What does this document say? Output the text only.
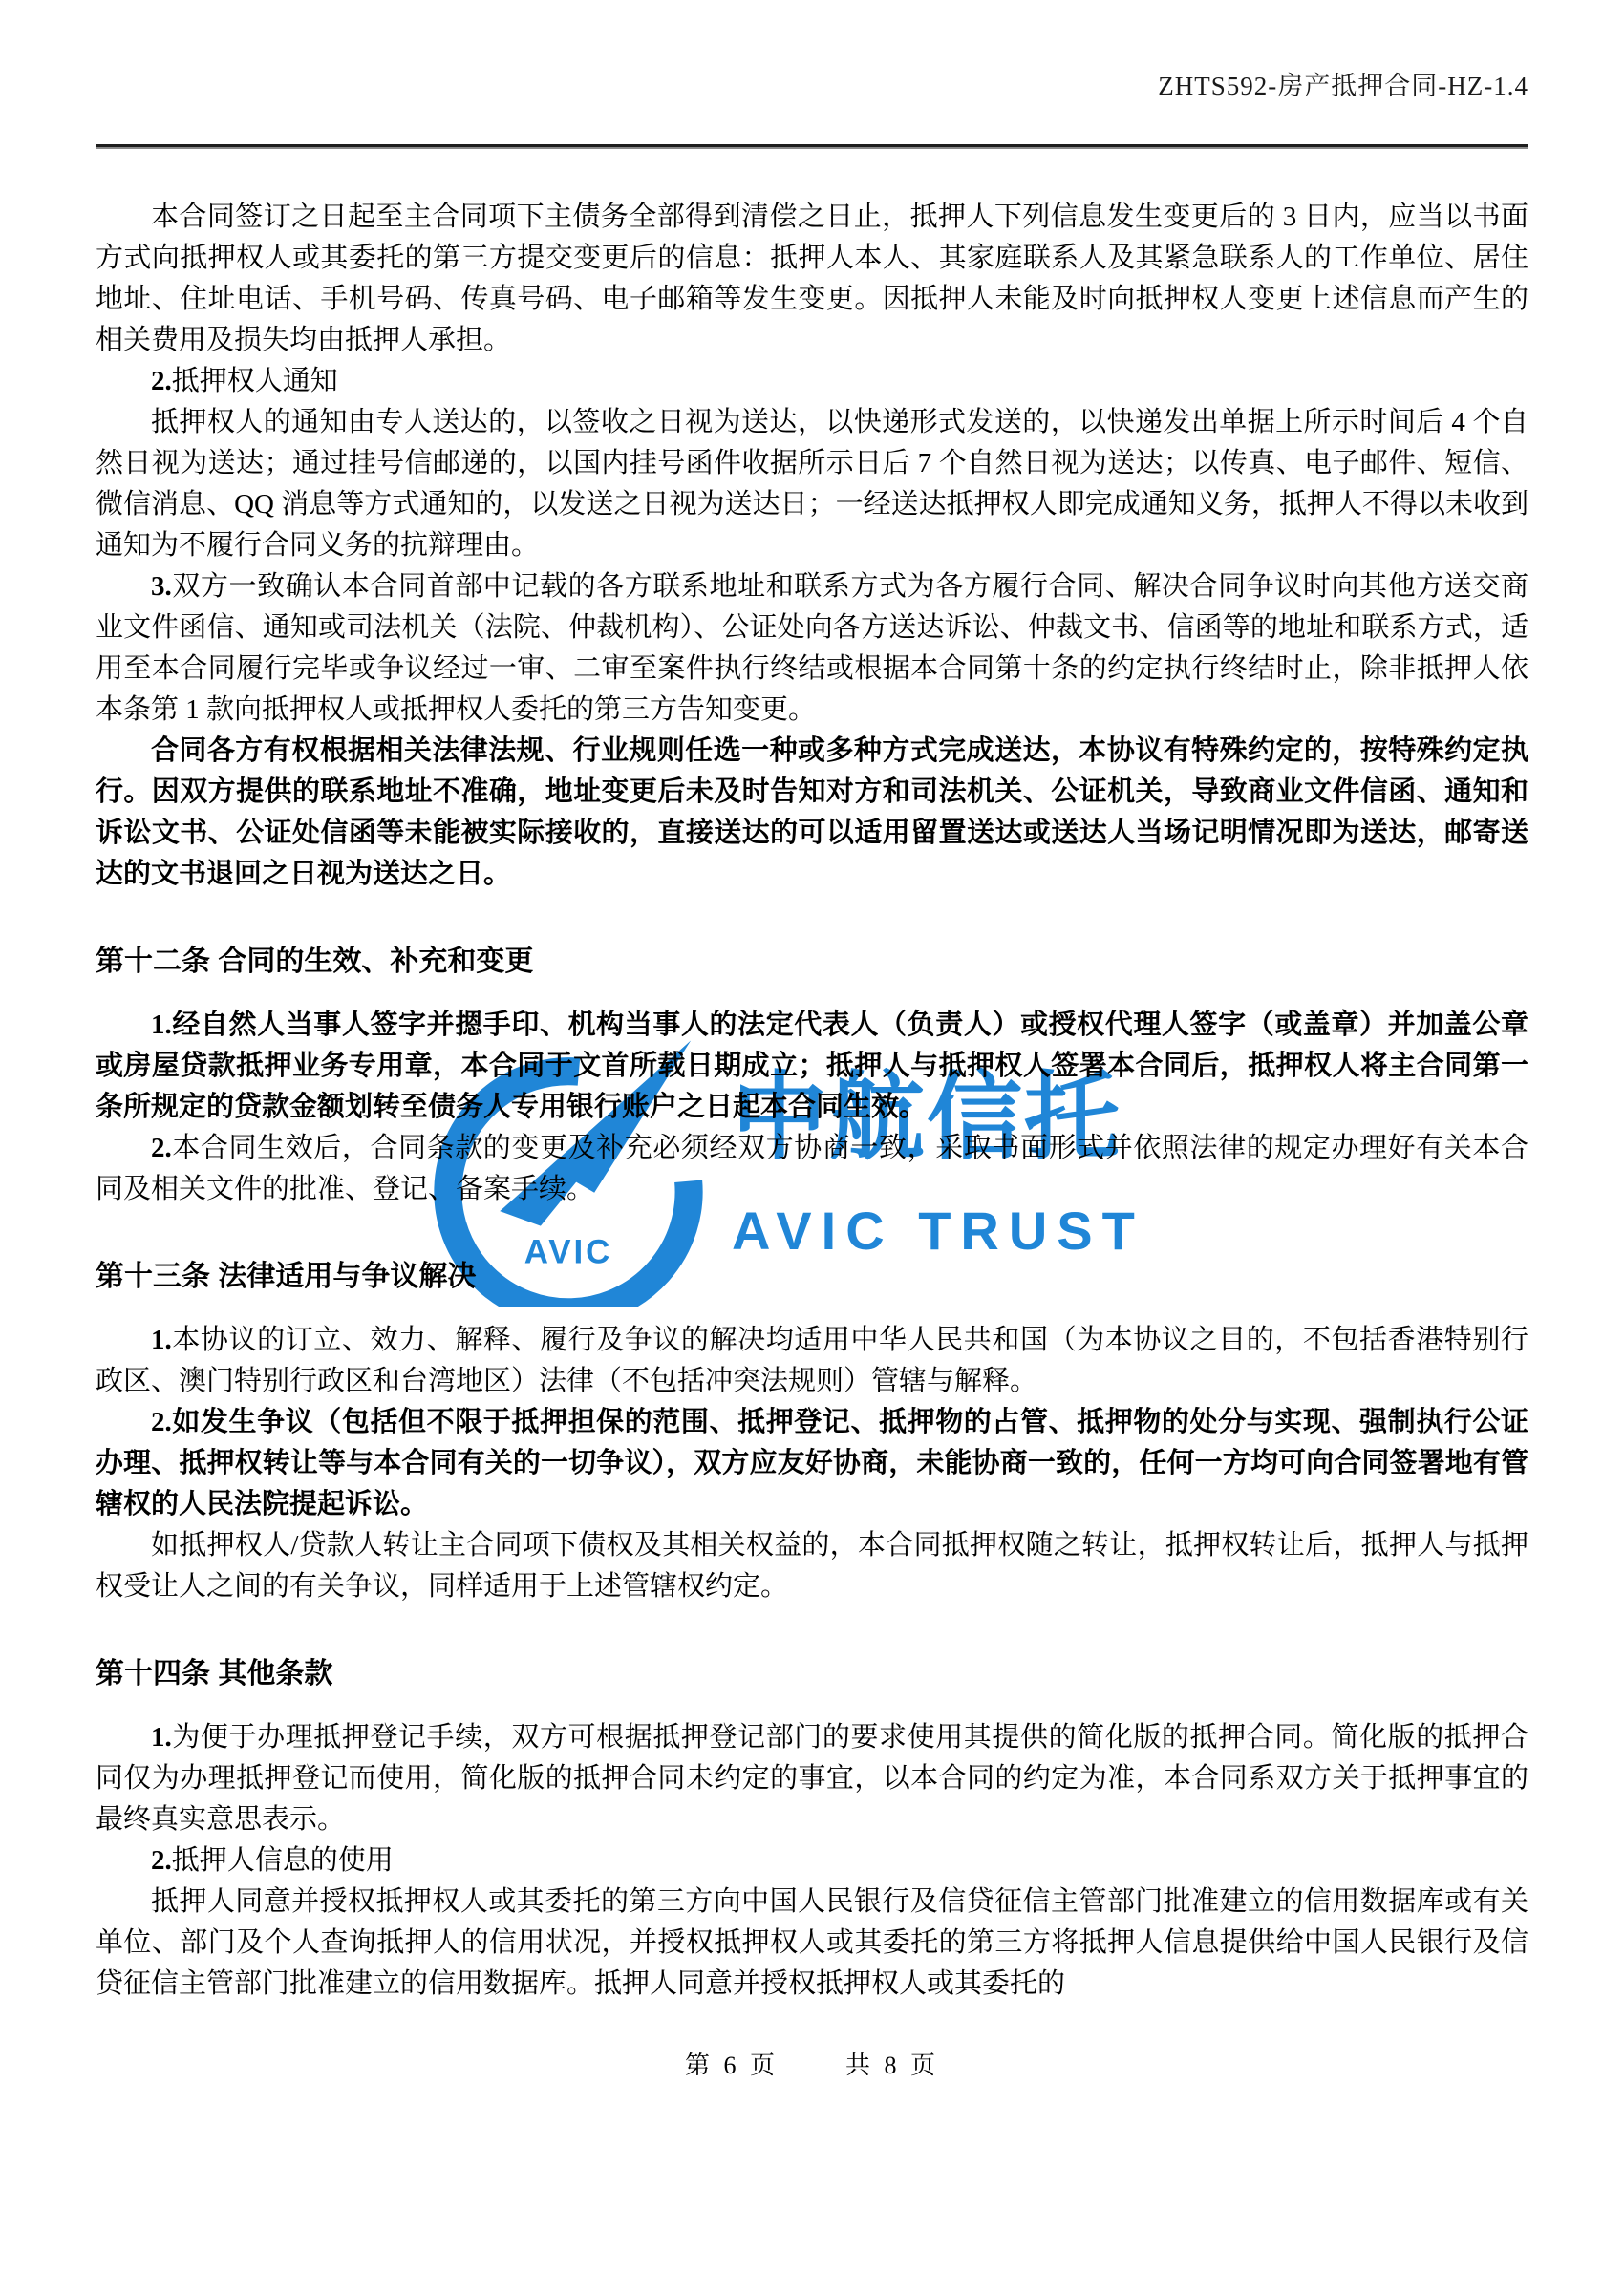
ZHTS592-房产抵押合同-HZ-1.4
AVIC
中航信托
AVIC TRUST

本合同签订之日起至主合同项下主债务全部得到清偿之日止，抵押人下列信息发生变更后的 3 日内，应当以书面方式向抵押权人或其委托的第三方提交变更后的信息：抵押人本人、其家庭联系人及其紧急联系人的工作单位、居住地址、住址电话、手机号码、传真号码、电子邮箱等发生变更。因抵押人未能及时向抵押权人变更上述信息而产生的相关费用及损失均由抵押人承担。

2.抵押权人通知

抵押权人的通知由专人送达的，以签收之日视为送达，以快递形式发送的，以快递发出单据上所示时间后 4 个自然日视为送达；通过挂号信邮递的，以国内挂号函件收据所示日后 7 个自然日视为送达；以传真、电子邮件、短信、微信消息、QQ 消息等方式通知的，以发送之日视为送达日；一经送达抵押权人即完成通知义务，抵押人不得以未收到通知为不履行合同义务的抗辩理由。

3.双方一致确认本合同首部中记载的各方联系地址和联系方式为各方履行合同、解决合同争议时向其他方送交商业文件函信、通知或司法机关（法院、仲裁机构）、公证处向各方送达诉讼、仲裁文书、信函等的地址和联系方式，适用至本合同履行完毕或争议经过一审、二审至案件执行终结或根据本合同第十条的约定执行终结时止，除非抵押人依本条第 1 款向抵押权人或抵押权人委托的第三方告知变更。

合同各方有权根据相关法律法规、行业规则任选一种或多种方式完成送达，本协议有特殊约定的，按特殊约定执行。因双方提供的联系地址不准确，地址变更后未及时告知对方和司法机关、公证机关，导致商业文件信函、通知和诉讼文书、公证处信函等未能被实际接收的，直接送达的可以适用留置送达或送达人当场记明情况即为送达，邮寄送达的文书退回之日视为送达之日。

第十二条 合同的生效、补充和变更

1.经自然人当事人签字并摁手印、机构当事人的法定代表人（负责人）或授权代理人签字（或盖章）并加盖公章或房屋贷款抵押业务专用章，本合同于文首所载日期成立；抵押人与抵押权人签署本合同后，抵押权人将主合同第一条所规定的贷款金额划转至债务人专用银行账户之日起本合同生效。

2.本合同生效后，合同条款的变更及补充必须经双方协商一致，采取书面形式并依照法律的规定办理好有关本合同及相关文件的批准、登记、备案手续。

第十三条 法律适用与争议解决

1.本协议的订立、效力、解释、履行及争议的解决均适用中华人民共和国（为本协议之目的，不包括香港特别行政区、澳门特别行政区和台湾地区）法律（不包括冲突法规则）管辖与解释。

2.如发生争议（包括但不限于抵押担保的范围、抵押登记、抵押物的占管、抵押物的处分与实现、强制执行公证办理、抵押权转让等与本合同有关的一切争议），双方应友好协商，未能协商一致的，任何一方均可向合同签署地有管辖权的人民法院提起诉讼。

如抵押权人/贷款人转让主合同项下债权及其相关权益的，本合同抵押权随之转让，抵押权转让后，抵押人与抵押权受让人之间的有关争议，同样适用于上述管辖权约定。

第十四条 其他条款

1.为便于办理抵押登记手续，双方可根据抵押登记部门的要求使用其提供的简化版的抵押合同。简化版的抵押合同仅为办理抵押登记而使用，简化版的抵押合同未约定的事宜，以本合同的约定为准，本合同系双方关于抵押事宜的最终真实意思表示。

2.抵押人信息的使用

抵押人同意并授权抵押权人或其委托的第三方向中国人民银行及信贷征信主管部门批准建立的信用数据库或有关单位、部门及个人查询抵押人的信用状况，并授权抵押权人或其委托的第三方将抵押人信息提供给中国人民银行及信贷征信主管部门批准建立的信用数据库。抵押人同意并授权抵押权人或其委托的

第 6 页	共 8 页
